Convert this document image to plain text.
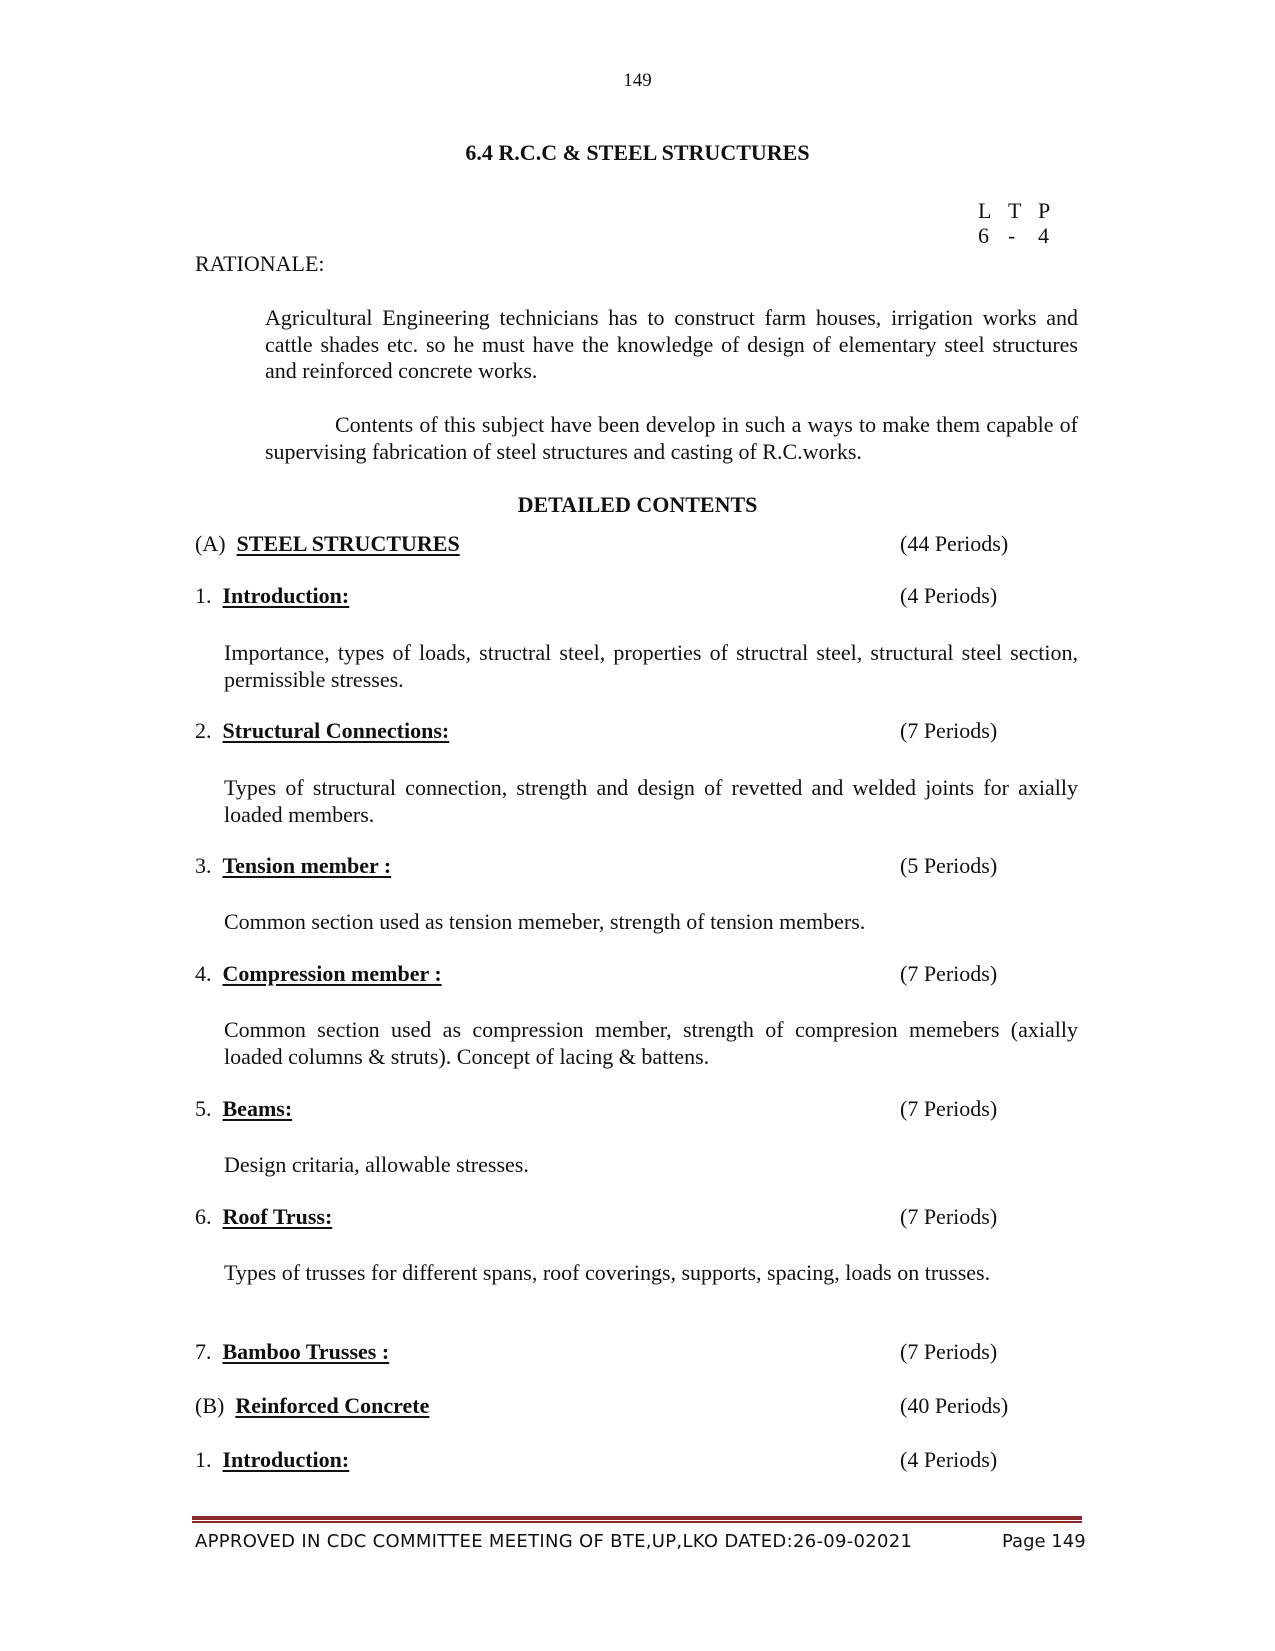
149
6.4 R.C.C & STEEL STRUCTURES
L T P
6 -	4
RATIONALE:
Agricultural Engineering technicians has to construct farm houses, irrigation works and cattle shades etc. so he must have the knowledge of design of elementary steel structures and reinforced concrete works.
Contents of this subject have been develop in such a ways to make them capable of supervising fabrication of steel structures and casting of R.C.works.
DETAILED CONTENTS
(A) STEEL STRUCTURES	(44 Periods)
1. Introduction:	(4 Periods)
Importance, types of loads, structral steel, properties of structral steel, structural steel section, permissible stresses.
2. Structural Connections:	(7 Periods)
Types of structural connection, strength and design of revetted and welded joints for axially loaded members.
3. Tension member :	(5 Periods)
Common section used as tension memeber, strength of tension members.
4. Compression member :	(7 Periods)
Common section used as compression member, strength of compresion memebers (axially loaded columns & struts). Concept of lacing & battens.
5. Beams:	(7 Periods)
Design critaria, allowable stresses.
6. Roof Truss:	(7 Periods)
Types of trusses for different spans, roof coverings, supports, spacing, loads on trusses.
7. Bamboo Trusses :	(7 Periods)
(B) Reinforced Concrete	(40 Periods)
1. Introduction:	(4 Periods)
APPROVED IN CDC COMMITTEE MEETING OF BTE,UP,LKO DATED:26-09-02021	Page 149
